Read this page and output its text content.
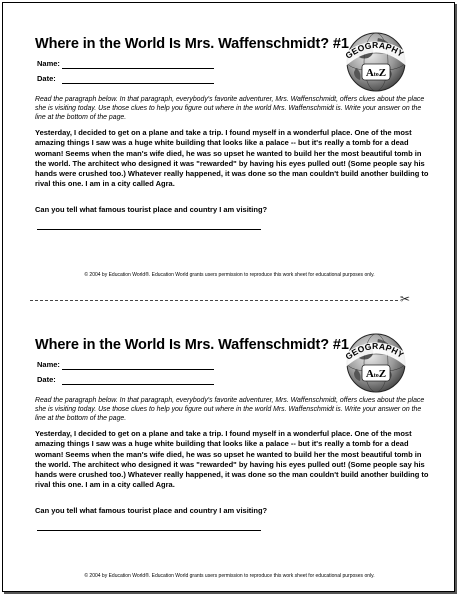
Where in the World Is Mrs. Waffenschmidt? #1
GEOGRAPHY
AtoZ
Name:
Date:
Read the paragraph below. In that paragraph, everybody's favorite adventurer, Mrs. Waffenschmidt, offers clues about the place she is visiting today. Use those clues to help you figure out where in the world Mrs. Waffenschmidt is. Write your answer on the line at the bottom of the page.
Yesterday, I decided to get on a plane and take a trip. I found myself in a wonderful place. One of the most amazing things I saw was a huge white building that looks like a palace -- but it's really a tomb for a dead woman! Seems when the man's wife died, he was so upset he wanted to build her the most beautiful tomb in the world. The architect who designed it was "rewarded" by having his eyes pulled out! (Some people say his hands were crushed too.) Whatever really happened, it was done so the man couldn't build another building to rival this one. I am in a city called Agra.
Can you tell what famous tourist place and country I am visiting?
© 2004 by Education World®. Education World grants users permission to reproduce this work sheet for educational purposes only.
✂
Where in the World Is Mrs. Waffenschmidt? #1
GEOGRAPHY
AtoZ
Name:
Date:
Read the paragraph below. In that paragraph, everybody's favorite adventurer, Mrs. Waffenschmidt, offers clues about the place she is visiting today. Use those clues to help you figure out where in the world Mrs. Waffenschmidt is. Write your answer on the line at the bottom of the page.
Yesterday, I decided to get on a plane and take a trip. I found myself in a wonderful place. One of the most amazing things I saw was a huge white building that looks like a palace -- but it's really a tomb for a dead woman! Seems when the man's wife died, he was so upset he wanted to build her the most beautiful tomb in the world. The architect who designed it was "rewarded" by having his eyes pulled out! (Some people say his hands were crushed too.) Whatever really happened, it was done so the man couldn't build another building to rival this one. I am in a city called Agra.
Can you tell what famous tourist place and country I am visiting?
© 2004 by Education World®. Education World grants users permission to reproduce this work sheet for educational purposes only.
